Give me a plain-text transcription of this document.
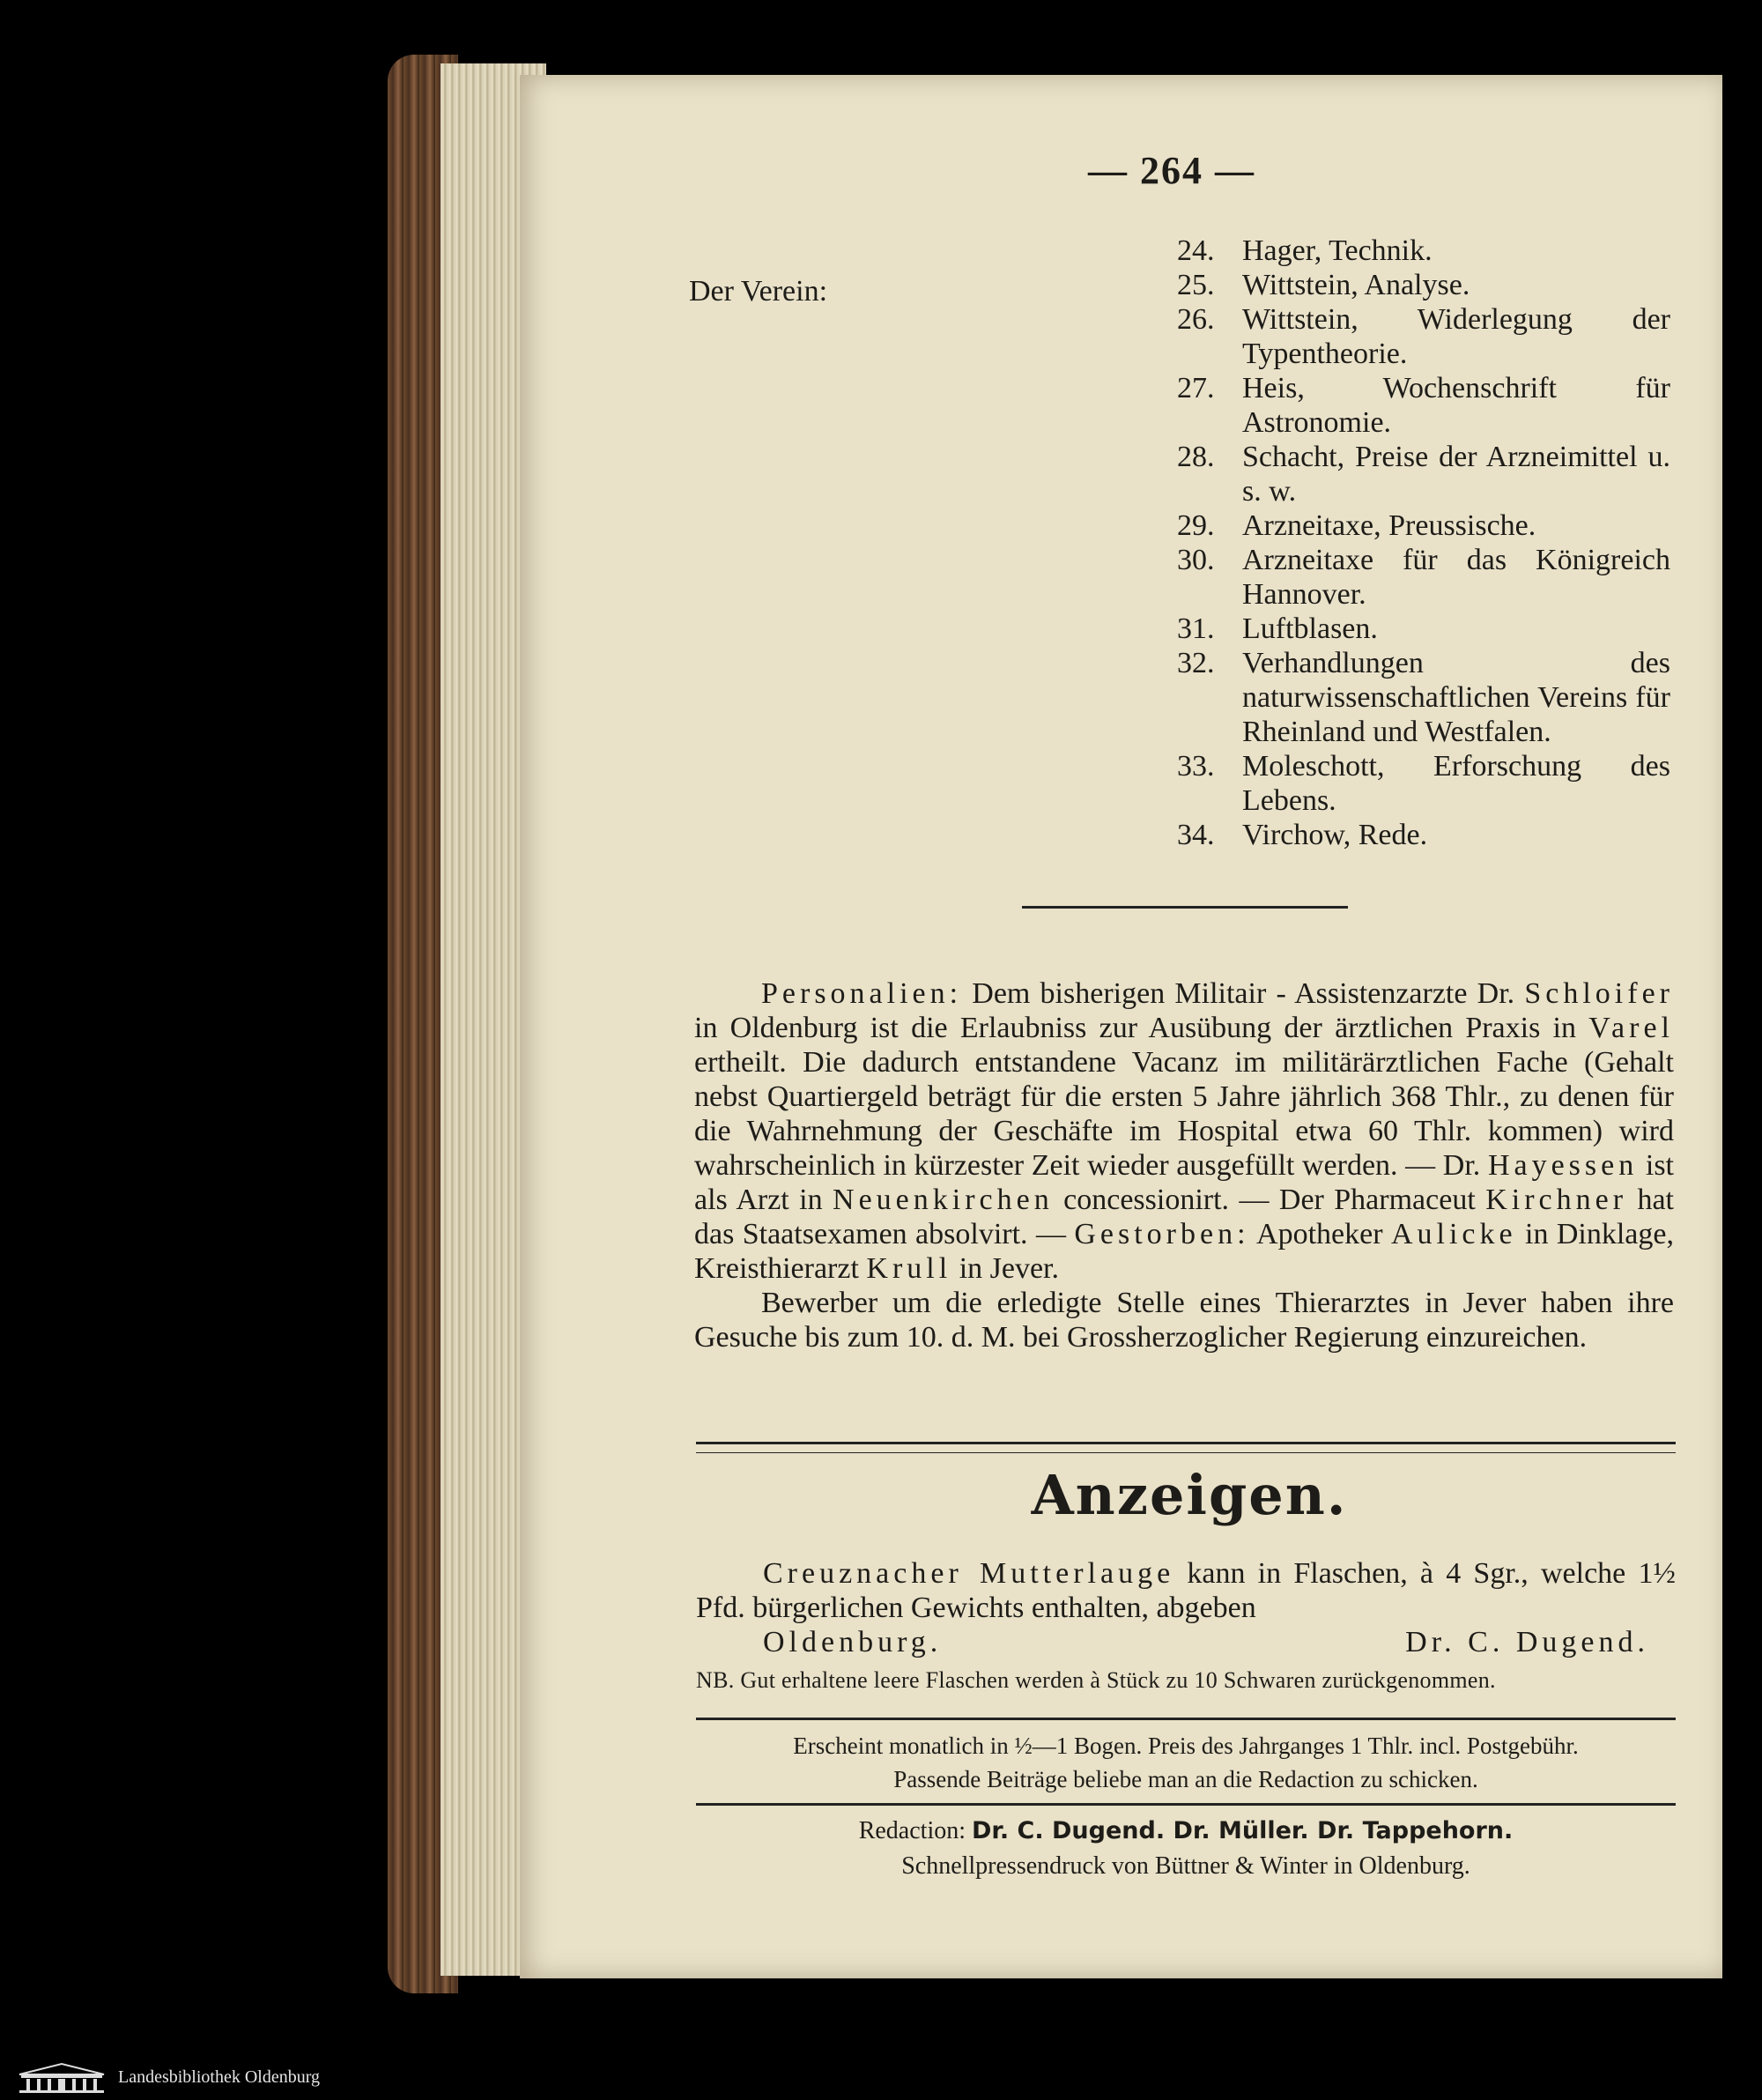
— 264 —
Der Verein:
24. Hager, Technik.
25. Wittstein, Analyse.
26. Wittstein, Widerlegung der Typentheorie.
27. Heis, Wochenschrift für Astronomie.
28. Schacht, Preise der Arzneimittel u. s. w.
29. Arzneitaxe, Preussische.
30. Arzneitaxe für das Königreich Hannover.
31. Luftblasen.
32. Verhandlungen des naturwissenschaftlichen Vereins für Rheinland und Westfalen.
33. Moleschott, Erforschung des Lebens.
34. Virchow, Rede.

Personalien: Dem bisherigen Militair - Assistenzarzte Dr. Schloifer in Oldenburg ist die Erlaubniss zur Ausübung der ärztlichen Praxis in Varel ertheilt. Die dadurch entstandene Vacanz im militärärztlichen Fache (Gehalt nebst Quartiergeld beträgt für die ersten 5 Jahre jährlich 368 Thlr., zu denen für die Wahrnehmung der Geschäfte im Hospital etwa 60 Thlr. kommen) wird wahrscheinlich in kürzester Zeit wieder ausgefüllt werden. — Dr. Hayessen ist als Arzt in Neuenkirchen concessionirt. — Der Pharmaceut Kirchner hat das Staatsexamen absolvirt. — Gestorben: Apotheker Aulicke in Dinklage, Kreisthierarzt Krull in Jever.

Bewerber um die erledigte Stelle eines Thierarztes in Jever haben ihre Gesuche bis zum 10. d. M. bei Grossherzoglicher Regierung einzureichen.

Anzeigen.
Creuznacher Mutterlauge kann in Flaschen, à 4 Sgr., welche 1½ Pfd. bürgerlichen Gewichts enthalten, abgeben
Oldenburg.	Dr. C. Dugend.
NB. Gut erhaltene leere Flaschen werden à Stück zu 10 Schwaren zurückgenommen.
Erscheint monatlich in ½—1 Bogen. Preis des Jahrganges 1 Thlr. incl. Postgebühr.
Passende Beiträge beliebe man an die Redaction zu schicken.
Redaction: Dr. C. Dugend. Dr. Müller. Dr. Tappehorn.
Schnellpressendruck von Büttner & Winter in Oldenburg.
Landesbibliothek Oldenburg
